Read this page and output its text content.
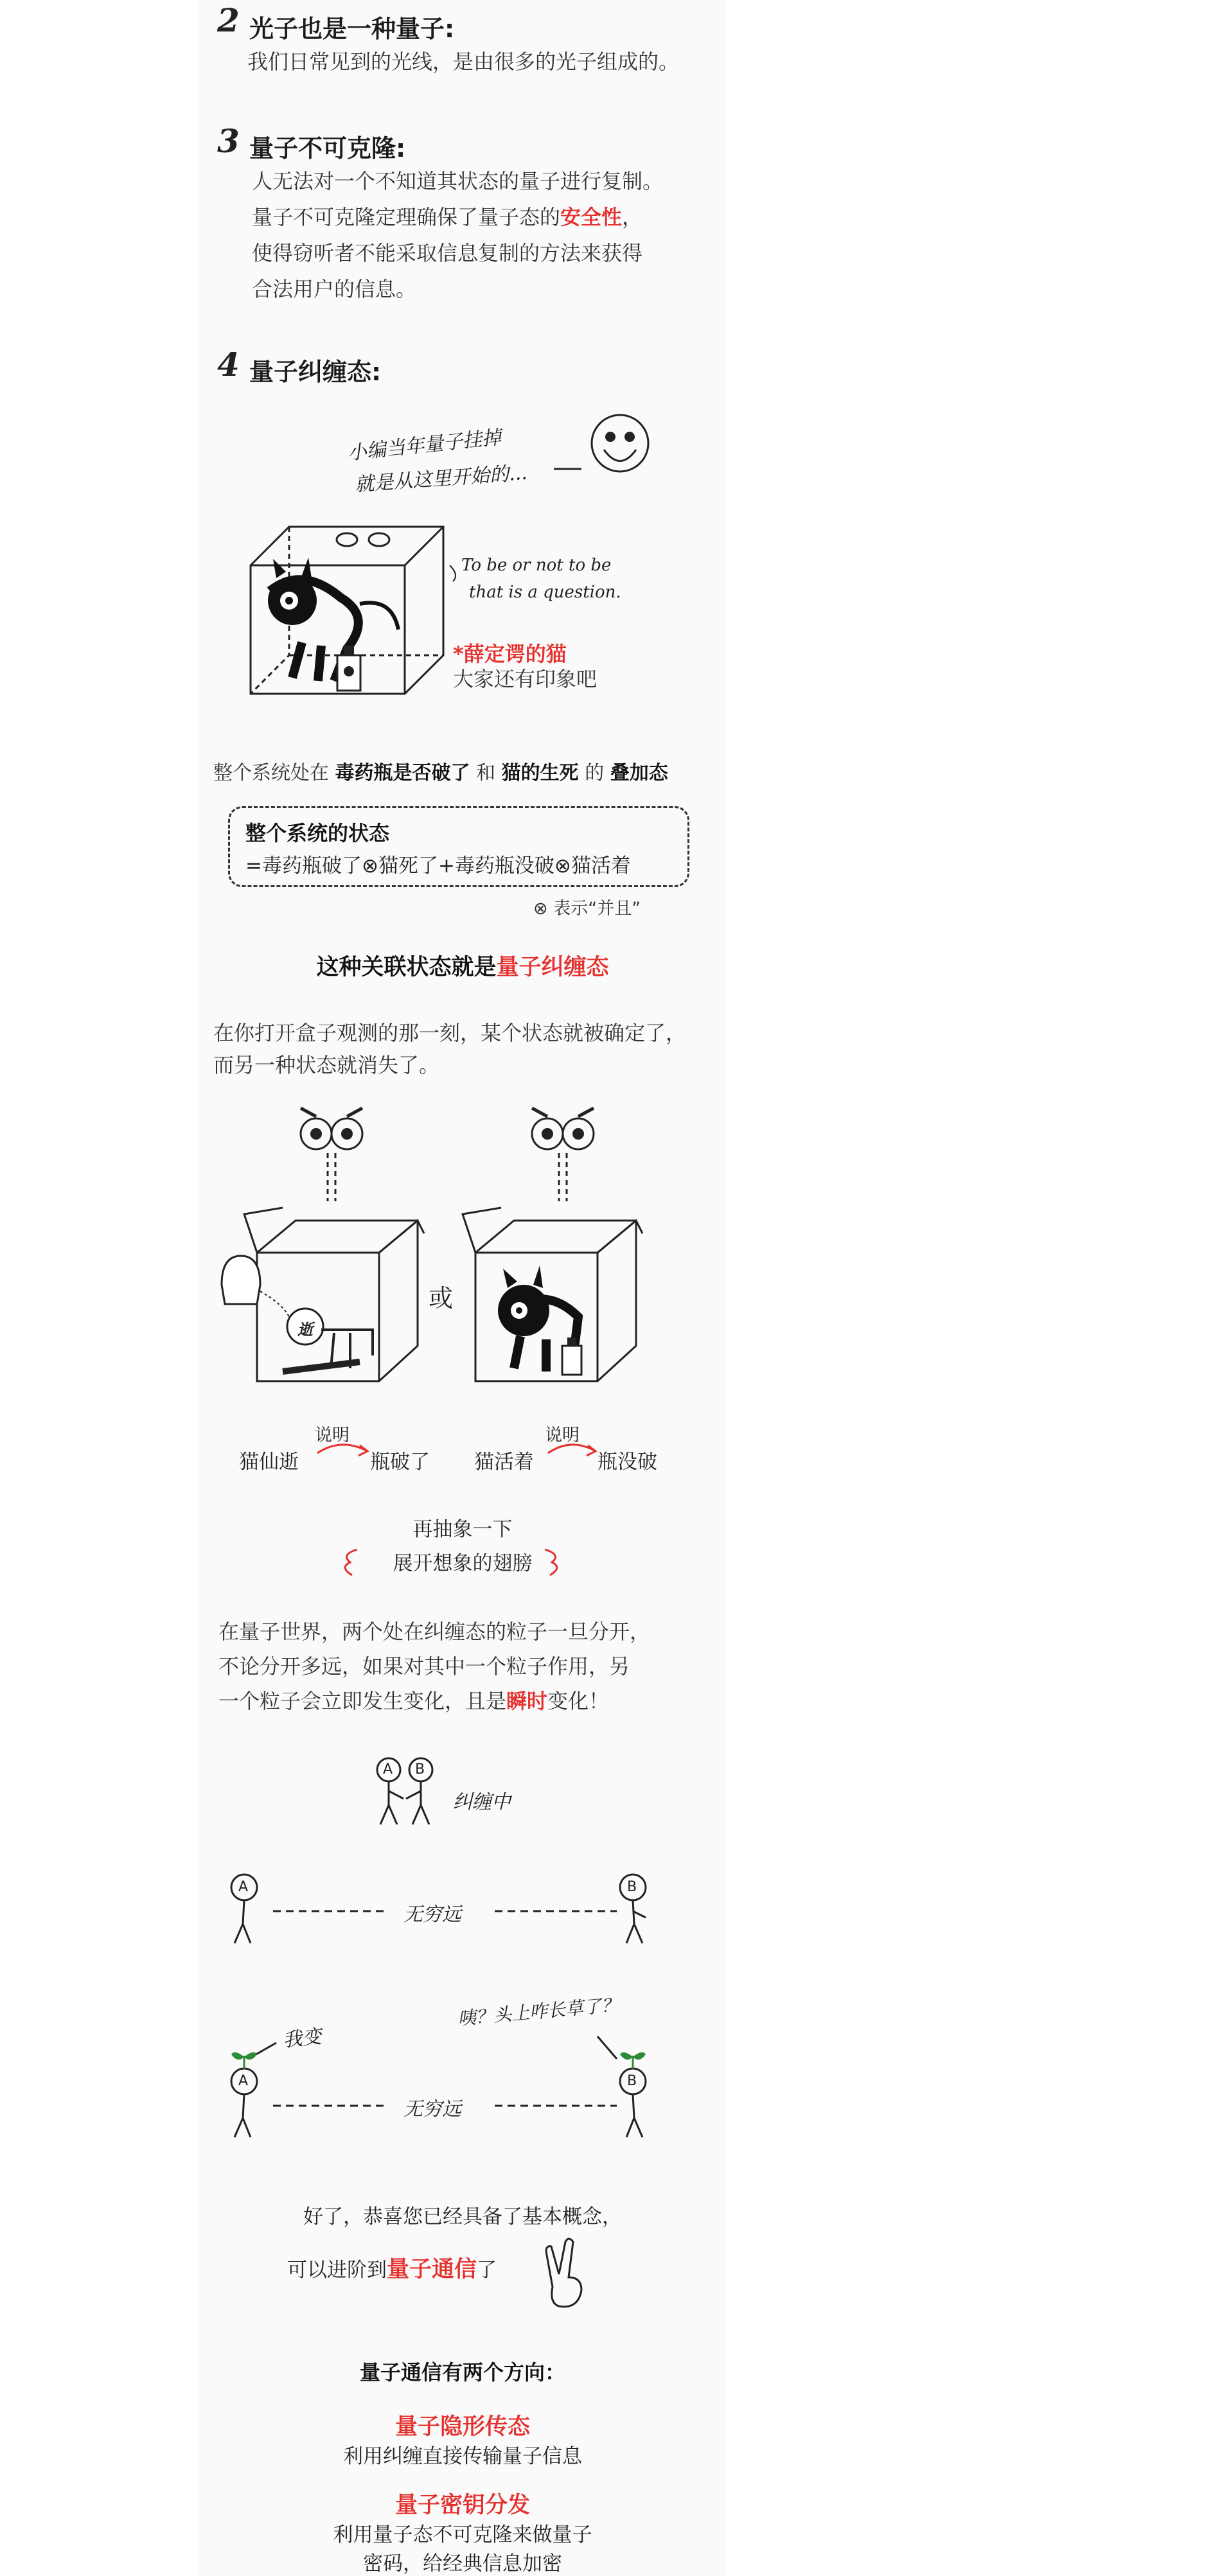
2 光子也是一种量子:
我们日常见到的光线，是由很多的光子组成的。
3 量子不可克隆:
人无法对一个不知道其状态的量子进行复制。
量子不可克隆定理确保了量子态的安全性，
使得窃听者不能采取信息复制的方法来获得
合法用户的信息。
4 量子纠缠态:
小编当年量子挂掉
就是从这里开始的...
To be or not to be
that is a question.
*薛定谔的猫
大家还有印象吧
整个系统处在 毒药瓶是否破了 和 猫的生死 的 叠加态
整个系统的状态
=毒药瓶破了⊗猫死了+毒药瓶没破⊗猫活着
⊗ 表示“并且”
这种关联状态就是量子纠缠态
在你打开盒子观测的那一刻，某个状态就被确定了，
而另一种状态就消失了。
逝
或
猫仙逝
说明
瓶破了 猫活着
说明
瓶没破
再抽象一下
展开想象的翅膀
在量子世界，两个处在纠缠态的粒子一旦分开，
不论分开多远，如果对其中一个粒子作用，另
一个粒子会立即发生变化，且是瞬时变化！
A B
纠缠中
A	B
无穷远
A	B
无穷远
我变
咦？头上咋长草了？
好了，恭喜您已经具备了基本概念，
可以进阶到量子通信了
量子通信有两个方向：
量子隐形传态
利用纠缠直接传输量子信息
量子密钥分发
利用量子态不可克隆来做量子
密码，给经典信息加密
